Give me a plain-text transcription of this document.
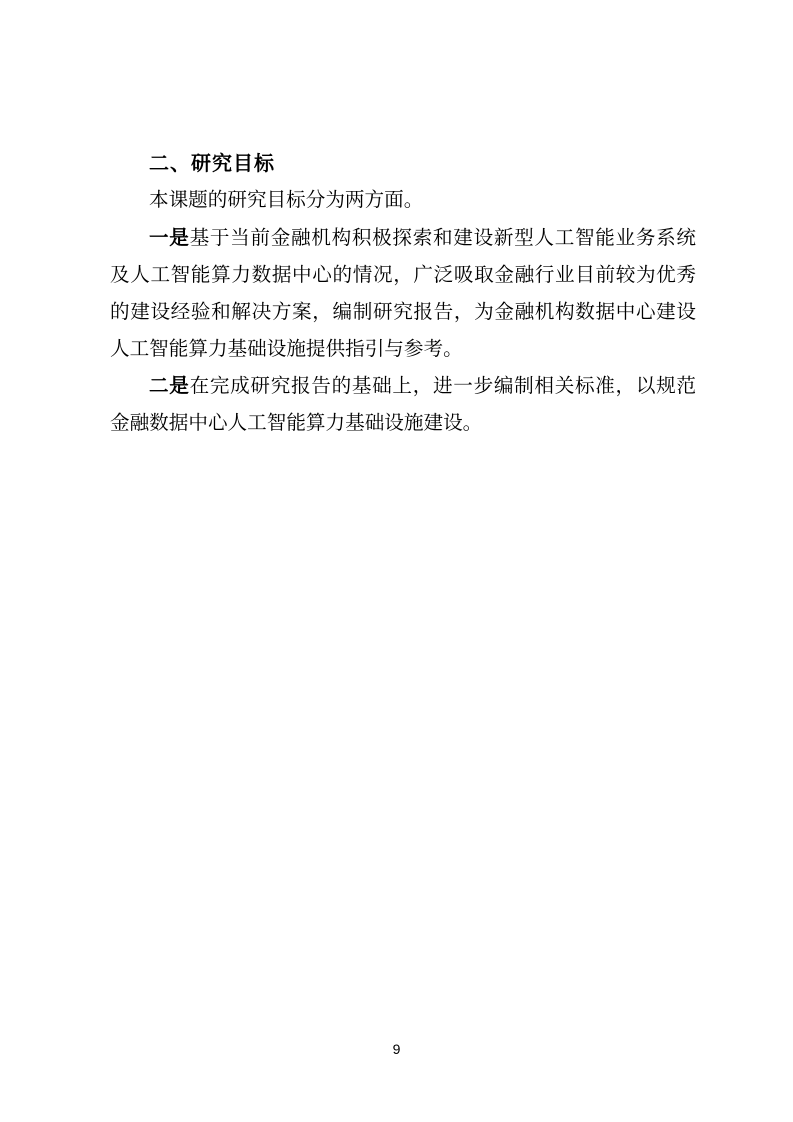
二、研究目标

本课题的研究目标分为两方面。

一是基于当前金融机构积极探索和建设新型人工智能业务系统及人工智能算力数据中心的情况，广泛吸取金融行业目前较为优秀的建设经验和解决方案，编制研究报告，为金融机构数据中心建设人工智能算力基础设施提供指引与参考。

二是在完成研究报告的基础上，进一步编制相关标准，以规范金融数据中心人工智能算力基础设施建设。

9
